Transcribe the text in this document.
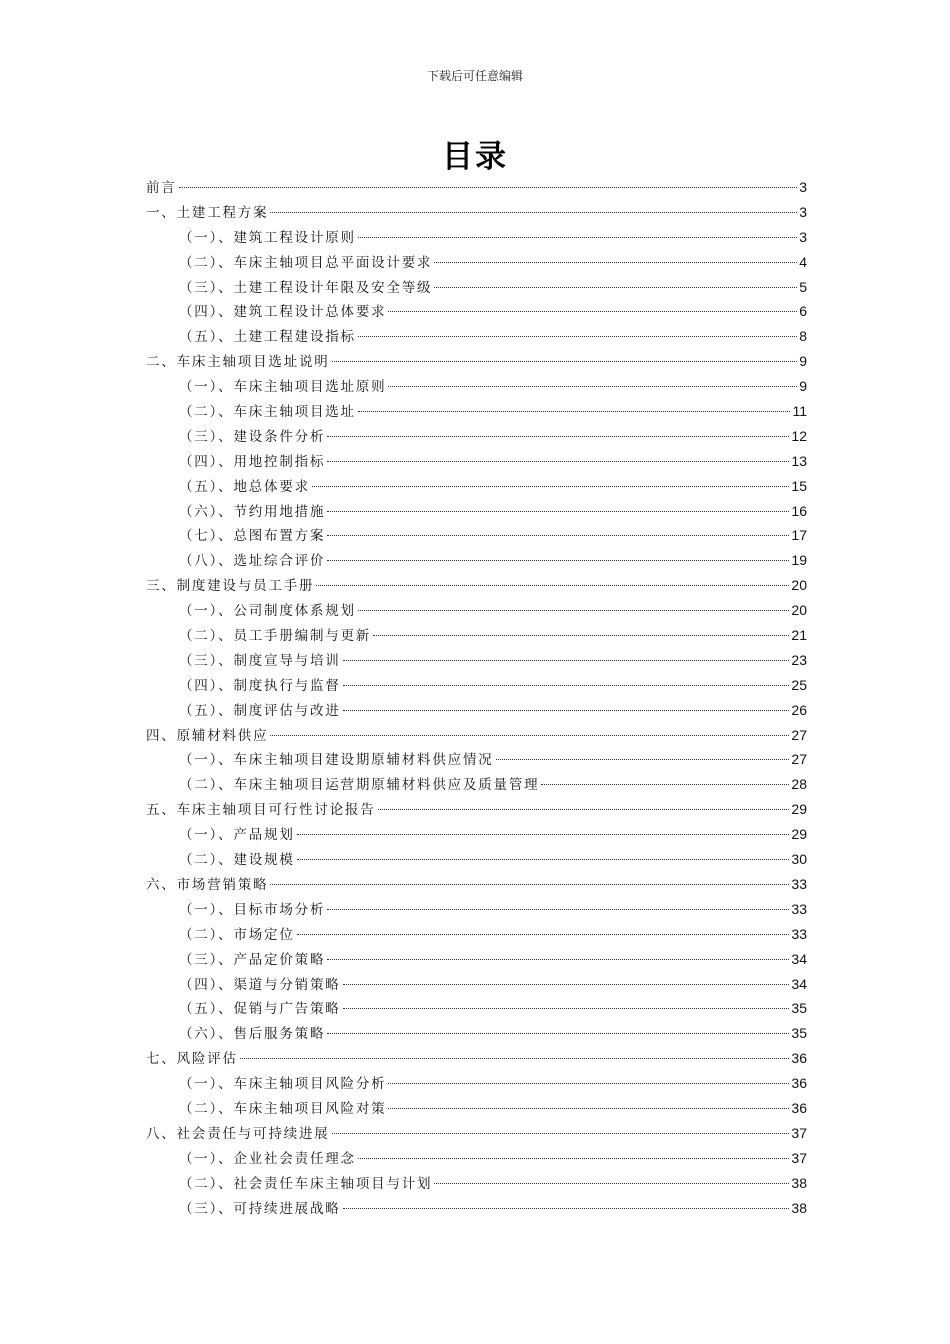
下载后可任意编辑
目录
前言	3
一、土建工程方案	3
（一）、建筑工程设计原则	3
（二）、车床主轴项目总平面设计要求	4
（三）、土建工程设计年限及安全等级	5
（四）、建筑工程设计总体要求	6
（五）、土建工程建设指标	8
二、车床主轴项目选址说明	9
（一）、车床主轴项目选址原则	9
（二）、车床主轴项目选址	11
（三）、建设条件分析	12
（四）、用地控制指标	13
（五）、地总体要求	15
（六）、节约用地措施	16
（七）、总图布置方案	17
（八）、选址综合评价	19
三、制度建设与员工手册	20
（一）、公司制度体系规划	20
（二）、员工手册编制与更新	21
（三）、制度宣导与培训	23
（四）、制度执行与监督	25
（五）、制度评估与改进	26
四、原辅材料供应	27
（一）、车床主轴项目建设期原辅材料供应情况	27
（二）、车床主轴项目运营期原辅材料供应及质量管理	28
五、车床主轴项目可行性讨论报告	29
（一）、产品规划	29
（二）、建设规模	30
六、市场营销策略	33
（一）、目标市场分析	33
（二）、市场定位	33
（三）、产品定价策略	34
（四）、渠道与分销策略	34
（五）、促销与广告策略	35
（六）、售后服务策略	35
七、风险评估	36
（一）、车床主轴项目风险分析	36
（二）、车床主轴项目风险对策	36
八、社会责任与可持续进展	37
（一）、企业社会责任理念	37
（二）、社会责任车床主轴项目与计划	38
（三）、可持续进展战略	38
